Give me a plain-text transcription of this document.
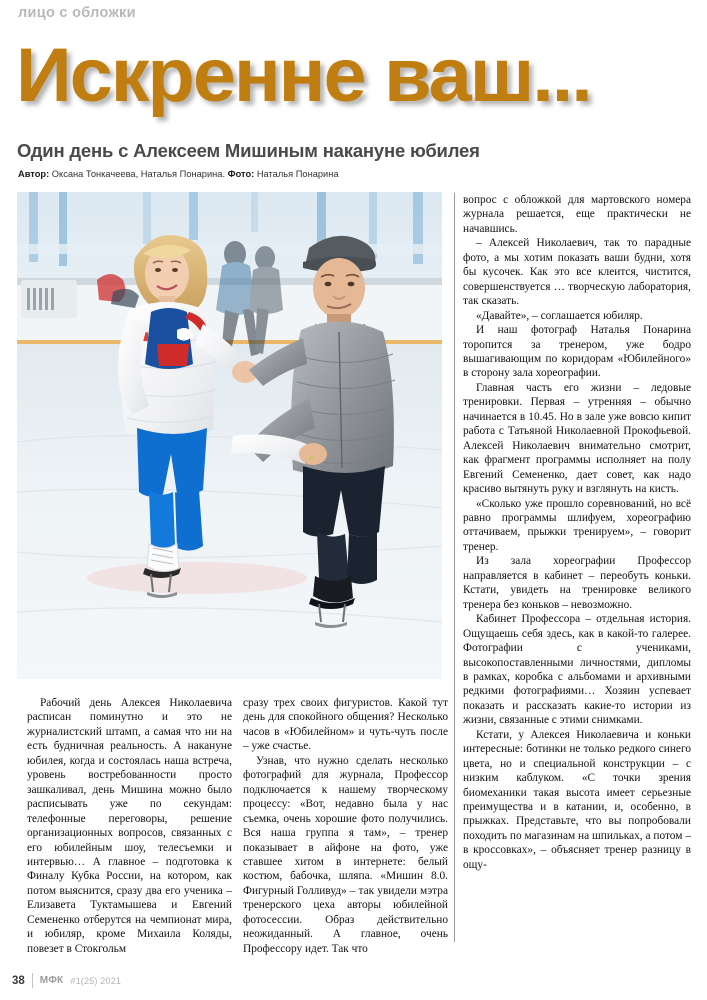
лицо с обложки
Искренне ваш...
Один день с Алексеем Мишиным накануне юбилея
Автор: Оксана Тонкачеева, Наталья Понарина. Фото: Наталья Понарина

вопрос с обложкой для мартовского номера журнала решается, еще практически не начавшись.

– Алексей Николаевич, так то парадные фото, а мы хотим показать ваши будни, хотя бы кусочек. Как это все клеится, чистится, совершенствуется … творческую лаборатория, так сказать.

«Давайте», – соглашается юбиляр.

И наш фотограф Наталья Понарина торопится за тренером, уже бодро вышагивающим по коридорам «Юбилейного» в сторону зала хореографии.

Главная часть его жизни – ледовые тренировки. Первая – утренняя – обычно начинается в 10.45. Но в зале уже вовсю кипит работа с Татьяной Николаевной Прокофьевой. Алексей Николаевич внимательно смотрит, как фрагмент программы исполняет на полу Евгений Семененко, дает совет, как надо красиво вытянуть руку и взглянуть на кисть.

«Сколько уже прошло соревнований, но всё равно программы шлифуем, хореографию оттачиваем, прыжки тренируем», – говорит тренер.

Из зала хореографии Профессор направляется в кабинет – переобуть коньки. Кстати, увидеть на тренировке великого тренера без коньков – невозможно.

Кабинет Профессора – отдельная история. Ощущаешь себя здесь, как в какой-то галерее. Фотографии с учениками, высокопоставленными личностями, дипломы в рамках, коробка с альбомами и архивными редкими фотографиями… Хозяин успевает показать и рассказать какие-то истории из жизни, связанные с этими снимками.

Кстати, у Алексея Николаевича и коньки интересные: ботинки не только редкого синего цвета, но и специальной конструкции – с низким каблуком. «С точки зрения биомеханики такая высота имеет серьезные преимущества и в катании, и, особенно, в прыжках. Представьте, что вы попробовали походить по магазинам на шпильках, а потом – в кроссовках», – объясняет тренер разницу в ощу-

Рабочий день Алексея Николаевича расписан поминутно и это не журналистский штамп, а самая что ни на есть будничная реальность. А накануне юбилея, когда и состоялась наша встреча, уровень востребованности просто зашкаливал, день Мишина можно было расписывать уже по секундам: телефонные переговоры, решение организационных вопросов, связанных с его юбилейным шоу, телесъемки и интервью… А главное – подготовка к Финалу Кубка России, на котором, как потом выяснится, сразу два его ученика – Елизавета Туктамышева и Евгений Семененко отберутся на чемпионат мира, и юбиляр, кроме Михаила Коляды, повезет в Стокгольм

сразу трех своих фигуристов. Какой тут день для спокойного общения? Несколько часов в «Юбилейном» и чуть-чуть после – уже счастье.

Узнав, что нужно сделать несколько фотографий для журнала, Профессор подключается к нашему творческому процессу: «Вот, недавно была у нас съемка, очень хорошие фото получились. Вся наша группа я там», – тренер показывает в айфоне на фото, уже ставшее хитом в интернете: белый костюм, бабочка, шляпа. «Мишин 8.0. Фигурный Голливуд» – так увидели мэтра тренерского цеха авторы юбилейной фотосессии. Образ действительно неожиданный. А главное, очень Профессору идет. Так что

38 МФК #1(25) 2021
